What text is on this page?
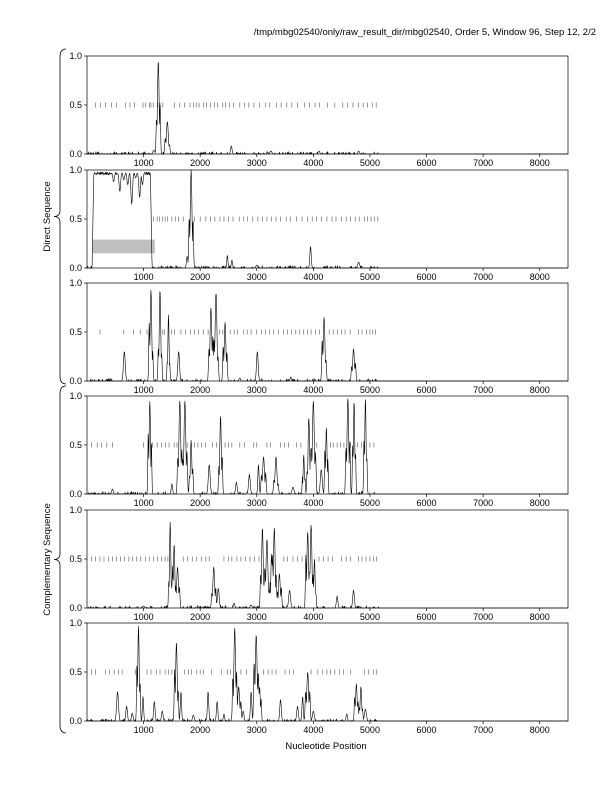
/tmp/mbg02540/only/raw_result_dir/mbg02540, Order 5, Window 96, Step 12, 2/2
0.0
0.5
1.0
1000	2000	3000	4000	5000	6000	7000	8000
0.0
0.5
1.0
1000	2000	3000	4000	5000	6000	7000	8000
0.0
0.5
1.0
1000	2000	3000	4000	5000	6000	7000	8000
0.0
0.5
1.0
1000	2000	3000	4000	5000	6000	7000	8000
0.0
0.5
1.0
1000	2000	3000	4000	5000	6000	7000	8000
0.0
0.5
1.0
1000	2000	3000	4000	5000	6000	7000	8000
Direct Sequence
Complementary Sequence
Nucleotide Position
